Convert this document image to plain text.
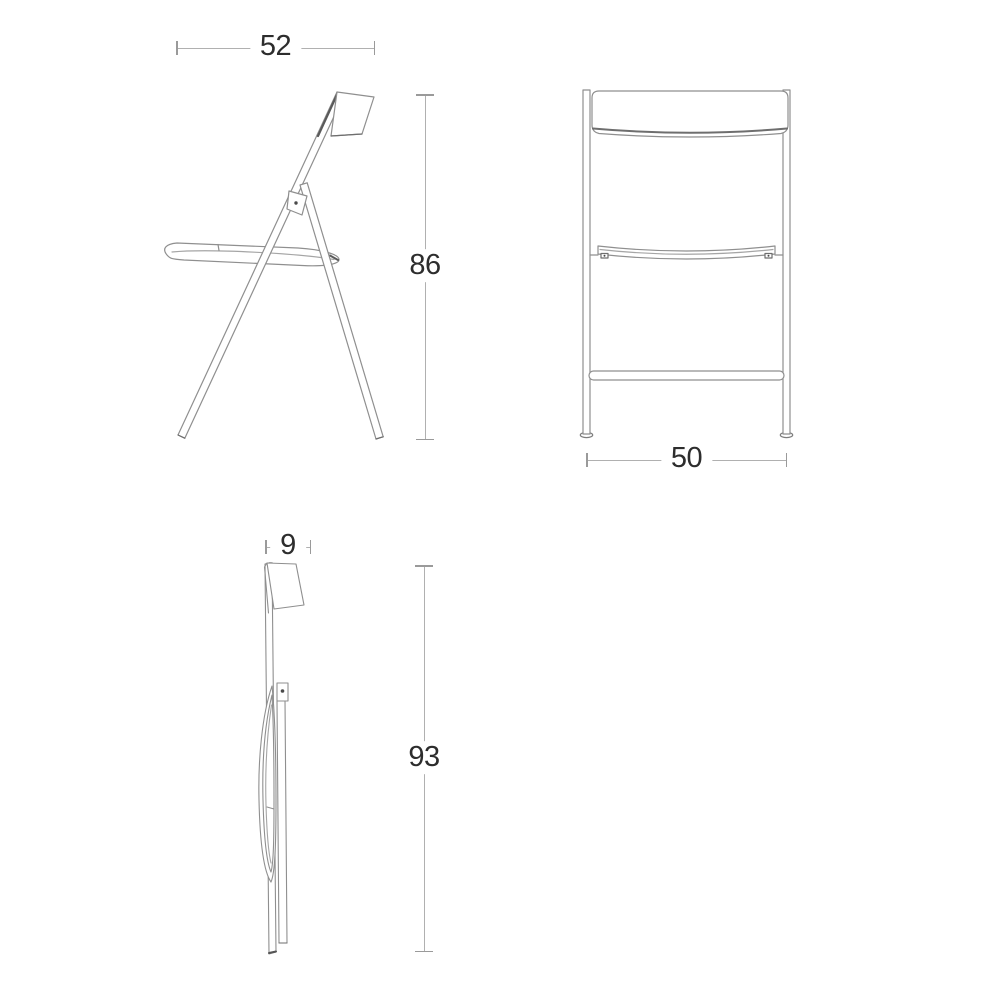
52
86
50
9
93
